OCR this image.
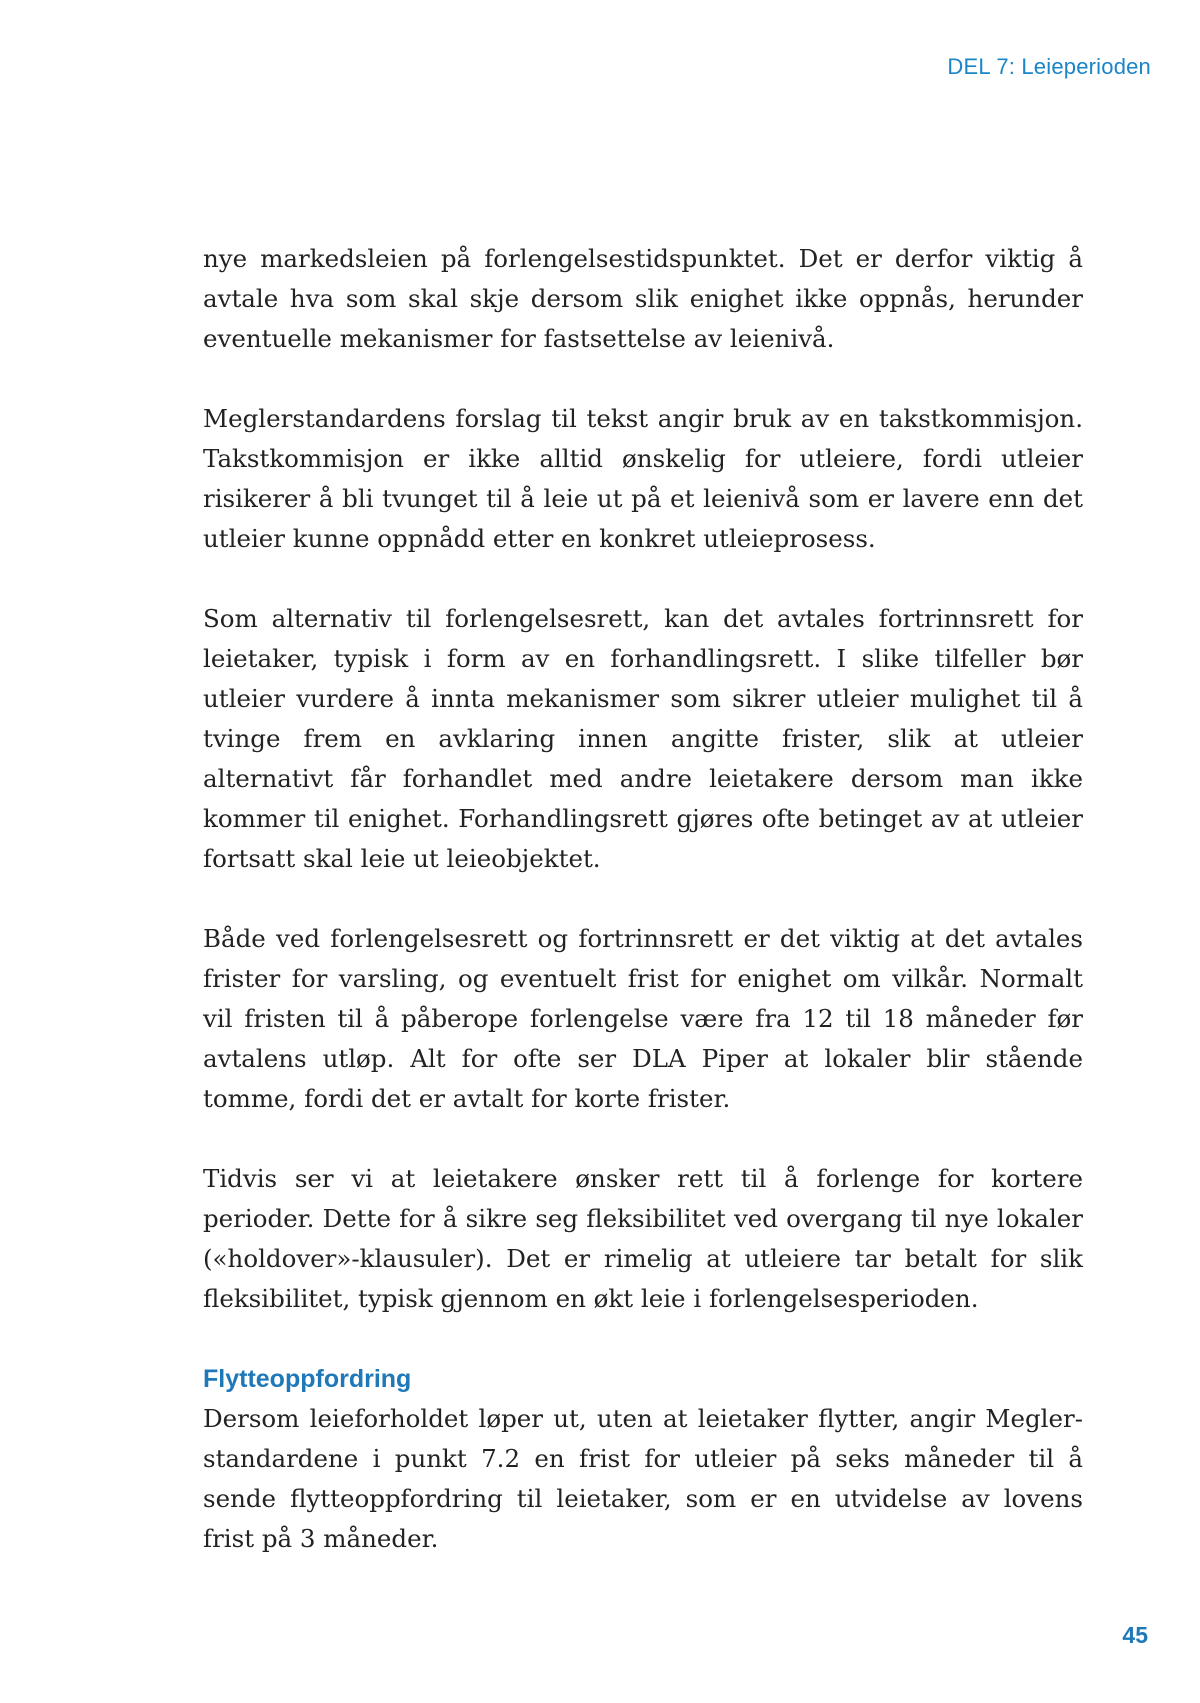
DEL 7: Leieperioden

nye markedsleien på forlengelsestidspunktet. Det er derfor viktig å avtale hva som skal skje dersom slik enighet ikke oppnås, herunder eventuelle mekanismer for fastsettelse av leienivå.

Meglerstandardens forslag til tekst angir bruk av en takstkommisjon. Takstkommisjon er ikke alltid ønskelig for utleiere, fordi utleier risikerer å bli tvunget til å leie ut på et leienivå som er lavere enn det utleier kunne oppnådd etter en konkret utleieprosess.

Som alternativ til forlengelsesrett, kan det avtales fortrinnsrett for leietaker, typisk i form av en forhandlingsrett. I slike tilfeller bør utleier vurdere å innta mekanismer som sikrer utleier mulighet til å tvinge frem en avklaring innen angitte frister, slik at utleier alternativt får forhandlet med andre leietakere dersom man ikke kommer til enighet. Forhandlingsrett gjøres ofte betinget av at utleier fortsatt skal leie ut leieobjektet.

Både ved forlengelsesrett og fortrinnsrett er det viktig at det avtales frister for varsling, og eventuelt frist for enighet om vilkår. Normalt vil fristen til å påberope forlengelse være fra 12 til 18 måneder før avtalens utløp. Alt for ofte ser DLA Piper at lokaler blir stående tomme, fordi det er avtalt for korte frister.

Tidvis ser vi at leietakere ønsker rett til å forlenge for kortere perioder. Dette for å sikre seg fleksibilitet ved overgang til nye lokaler («holdover»-klausuler). Det er rimelig at utleiere tar betalt for slik fleksibilitet, typisk gjennom en økt leie i forlengelsesperioden.

Flytteoppfordring

Dersom leieforholdet løper ut, uten at leietaker flytter, angir Meglerstandardene i punkt 7.2 en frist for utleier på seks måneder til å sende flytteoppfordring til leietaker, som er en utvidelse av lovens frist på 3 måneder.

45
